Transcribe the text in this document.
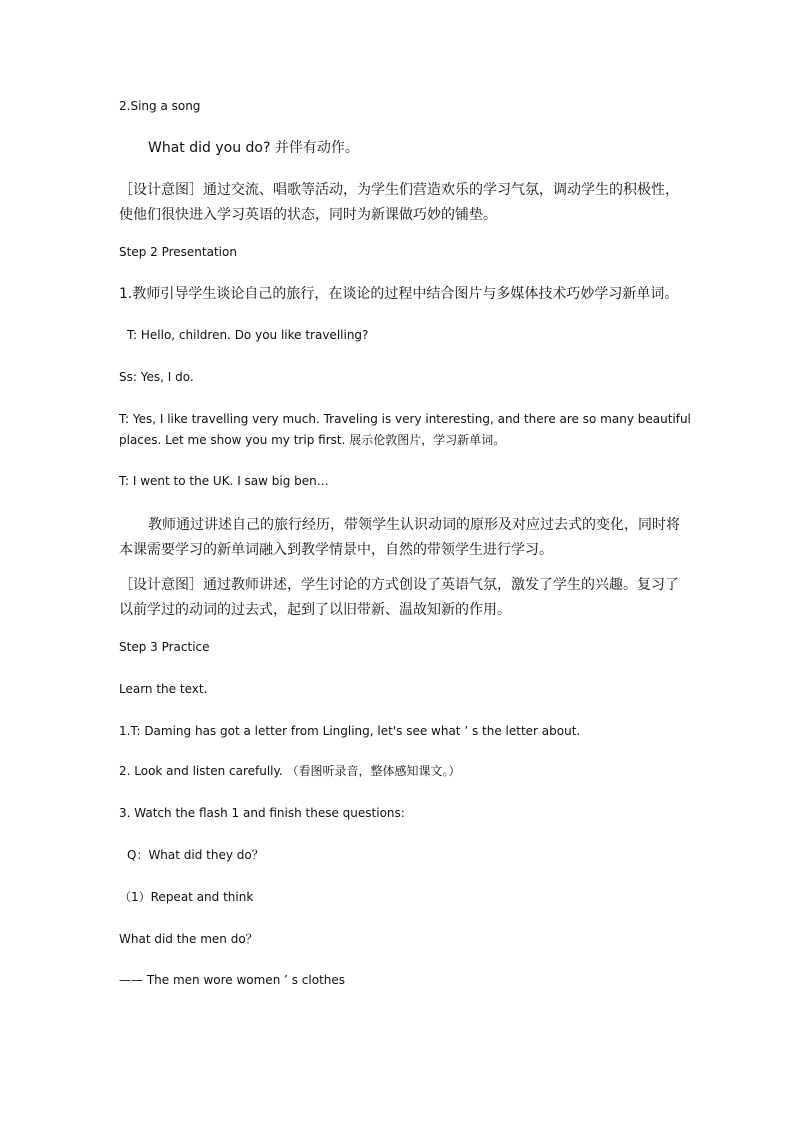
2.Sing a song
What did you do? 并伴有动作。
［设计意图］通过交流、唱歌等活动，为学生们营造欢乐的学习气氛，调动学生的积极性，
使他们很快进入学习英语的状态，同时为新课做巧妙的铺垫。
Step 2 Presentation
1.教师引导学生谈论自己的旅行，在谈论的过程中结合图片与多媒体技术巧妙学习新单词。
T: Hello, children. Do you like travelling?
Ss: Yes, I do.
T: Yes, I like travelling very much. Traveling is very interesting, and there are so many beautiful
places. Let me show you my trip first. 展示伦敦图片，学习新单词。
T: I went to the UK. I saw big ben…
教师通过讲述自己的旅行经历，带领学生认识动词的原形及对应过去式的变化，同时将
本课需要学习的新单词融入到教学情景中，自然的带领学生进行学习。
［设计意图］通过教师讲述，学生讨论的方式创设了英语气氛，激发了学生的兴趣。复习了
以前学过的动词的过去式，起到了以旧带新、温故知新的作用。
Step 3 Practice
Learn the text.
1.T: Daming has got a letter from Lingling, let's see what ’ s the letter about.
2. Look and listen carefully. （看图听录音，整体感知课文。）
3. Watch the flash 1 and finish these questions:
Q：What did they do？
（1）Repeat and think
What did the men do？
—— The men wore women ’ s clothes
